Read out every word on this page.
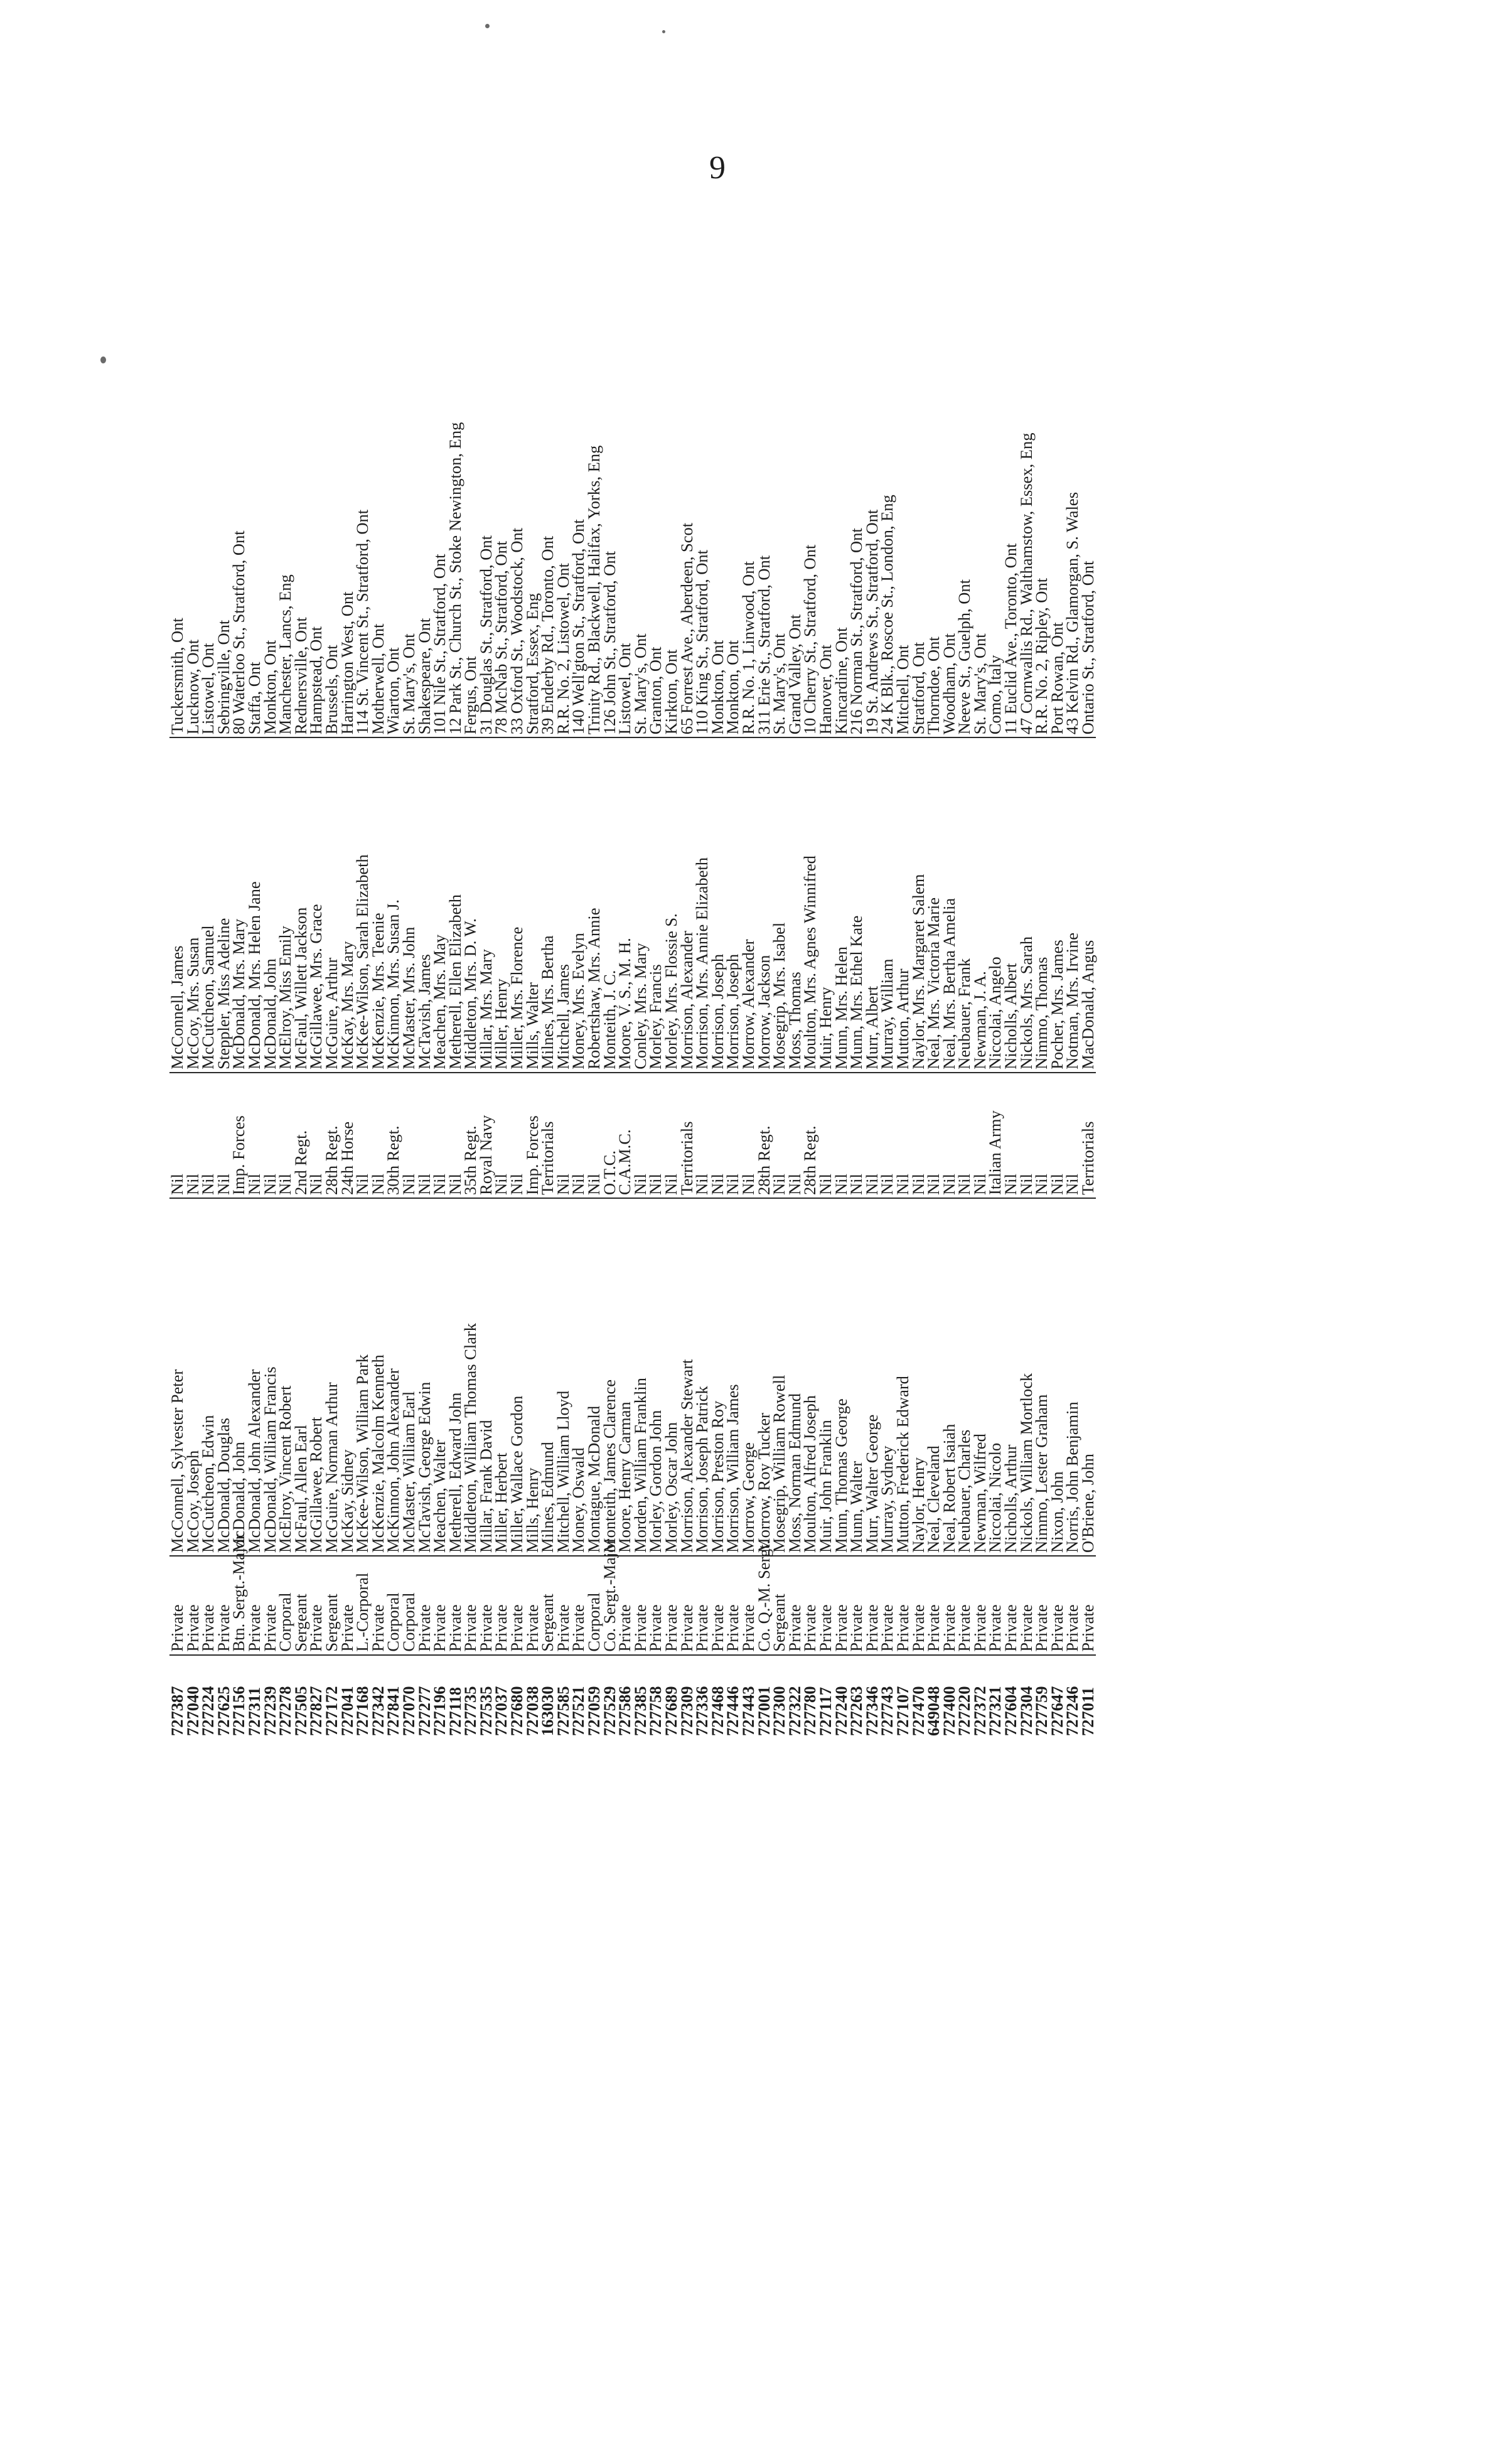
9
727387	Private	McConnell, Sylvester Peter	Nil	McConnell, James	Tuckersmith, Ont			
727040	Private	McCoy, Joseph	Nil	McCoy, Mrs. Susan	Lucknow, Ont			
727224	Private	McCutcheon, Edwin	Nil	McCutcheon, Samuel	Listowel, Ont			
727625	Private	McDonald, Douglas	Nil	Steppler, Miss Adeline	Sebringville, Ont			
727156	Btn. Sergt.-Major	McDonald, John	Imp. Forces	McDonald, Mrs. Mary	80 Waterloo St., Stratford, Ont			
727311	Private	McDonald, John Alexander	Nil	McDonald, Mrs. Helen Jane	Staffa, Ont			
727239	Private	McDonald, William Francis	Nil	McDonald, John	Monkton, Ont			
727278	Corporal	McElroy, Vincent Robert	Nil	McElroy, Miss Emily	Manchester, Lancs, Eng			
727505	Sergeant	McFaul, Allen Earl	2nd Regt.	McFaul, Willett Jackson	Rednersville, Ont			
727827	Private	McGillawee, Robert	Nil	McGillawee, Mrs. Grace	Hampstead, Ont			
727172	Sergeant	McGuire, Norman Arthur	28th Regt.	McGuire, Arthur	Brussels, Ont			
727041	Private	McKay, Sidney	24th Horse	McKay, Mrs. Mary	Harrington West, Ont			
727168	L.-Corporal	McKee-Wilson, William Park	Nil	McKee-Wilson, Sarah Elizabeth	114 St. Vincent St., Stratford, Ont			
727342	Private	McKenzie, Malcolm Kenneth	Nil	McKenzie, Mrs. Teenie	Motherwell, Ont			
727841	Corporal	McKinnon, John Alexander	30th Regt.	McKinnon, Mrs. Susan J.	Wiarton, Ont			
727070	Corporal	McMaster, William Earl	Nil	McMaster, Mrs. John	St. Mary's, Ont			
727277	Private	McTavish, George Edwin	Nil	McTavish, James	Shakespeare, Ont			
727196	Private	Meachen, Walter	Nil	Meachen, Mrs. May	101 Nile St., Stratford, Ont			
727118	Private	Metherell, Edward John	Nil	Metherell, Ellen Elizabeth	12 Park St., Church St., Stoke Newington, Eng			
727735	Private	Middleton, William Thomas Clark	35th Regt.	Middleton, Mrs. D. W.	Fergus, Ont			
727535	Private	Millar, Frank David	Royal Navy	Millar, Mrs. Mary	31 Douglas St., Stratford, Ont			
727037	Private	Miller, Herbert	Nil	Miller, Henry	78 McNab St., Stratford, Ont			
727680	Private	Miller, Wallace Gordon	Nil	Miller, Mrs. Florence	33 Oxford St., Woodstock, Ont			
727038	Private	Mills, Henry	Imp. Forces	Mills, Walter	Stratford, Essex, Eng			
163030	Sergeant	Milnes, Edmund	Territorials	Milnes, Mrs. Bertha	39 Enderby Rd., Toronto, Ont			
727585	Private	Mitchell, William Lloyd	Nil	Mitchell, James	R.R. No. 2, Listowel, Ont			
727521	Private	Money, Oswald	Nil	Money, Mrs. Evelyn	140 Well'gton St., Stratford, Ont			
727059	Corporal	Montague, McDonald	Nil	Robertshaw, Mrs. Annie	Trinity Rd., Blackwell, Halifax, Yorks, Eng			
727529	Co. Sergt.-Major	Monteith, James Clarence	O.T.C.	Monteith, J. C.	126 John St., Stratford, Ont			
727586	Private	Moore, Henry Carman	C.A.M.C.	Moore, V. S., M. H.	Listowel, Ont			
727385	Private	Morden, William Franklin	Nil	Conley, Mrs. Mary	St. Mary's, Ont			
727758	Private	Morley, Gordon John	Nil	Morley, Francis	Granton, Ont			
727689	Private	Morley, Oscar John	Nil	Morley, Mrs. Flossie S.	Kirkton, Ont			
727309	Private	Morrison, Alexander Stewart	Territorials	Morrison, Alexander	65 Forrest Ave., Aberdeen, Scot			
727336	Private	Morrison, Joseph Patrick	Nil	Morrison, Mrs. Annie Elizabeth	110 King St., Stratford, Ont			
727468	Private	Morrison, Preston Roy	Nil	Morrison, Joseph	Monkton, Ont			
727446	Private	Morrison, William James	Nil	Morrison, Joseph	Monkton, Ont			
727443	Private	Morrow, George	Nil	Morrow, Alexander	R.R. No. 1, Linwood, Ont			
727001	Co. Q.-M. Sergt.	Morrow, Roy Tucker	28th Regt.	Morrow, Jackson	311 Erie St., Stratford, Ont			
727300	Sergeant	Mosegrip, William Rowell	Nil	Mosegrip, Mrs. Isabel	St. Mary's, Ont			
727322	Private	Moss, Norman Edmund	Nil	Moss, Thomas	Grand Valley, Ont			
727780	Private	Moulton, Alfred Joseph	28th Regt.	Moulton, Mrs. Agnes Winnifred	10 Cherry St., Stratford, Ont			
727117	Private	Muir, John Franklin	Nil	Muir, Henry	Hanover, Ont			
727240	Private	Munn, Thomas George	Nil	Munn, Mrs. Helen	Kincardine, Ont			
727263	Private	Munn, Walter	Nil	Munn, Mrs. Ethel Kate	216 Norman St., Stratford, Ont			
727346	Private	Murr, Walter George	Nil	Murr, Albert	19 St. Andrews St., Stratford, Ont			
727743	Private	Murray, Sydney	Nil	Murray, William	24 K Blk., Roscoe St., London, Eng			
727107	Private	Mutton, Frederick Edward	Nil	Mutton, Arthur	Mitchell, Ont			
727470	Private	Naylor, Henry	Nil	Naylor, Mrs. Margaret Salem	Stratford, Ont			
649048	Private	Neal, Cleveland	Nil	Neal, Mrs. Victoria Marie	Thorndoe, Ont			
727400	Private	Neal, Robert Isaiah	Nil	Neal, Mrs. Bertha Amelia	Woodham, Ont			
727220	Private	Neubauer, Charles	Nil	Neubauer, Frank	Neeve St., Guelph, Ont			
727372	Private	Newman, Wilfred	Nil	Newman, J. A.	St. Mary's, Ont			
727321	Private	Niccolai, Nicolo	Italian Army	Niccolai, Angelo	Como, Italy			
727604	Private	Nicholls, Arthur	Nil	Nicholls, Albert	11 Euclid Ave., Toronto, Ont			
727304	Private	Nickols, William Mortlock	Nil	Nickols, Mrs. Sarah	47 Cornwallis Rd., Walthamstow, Essex, Eng			
727759	Private	Nimmo, Lester Graham	Nil	Nimmo, Thomas	R.R. No. 2, Ripley, Ont			
727647	Private	Nixon, John	Nil	Pocher, Mrs. James	Port Rowan, Ont			
727246	Private	Norris, John Benjamin	Nil	Notman, Mrs. Irvine	43 Kelvin Rd., Glamorgan, S. Wales			
727011	Private	O'Briene, John	Territorials	MacDonald, Angus	Ontario St., Stratford, Ont			
